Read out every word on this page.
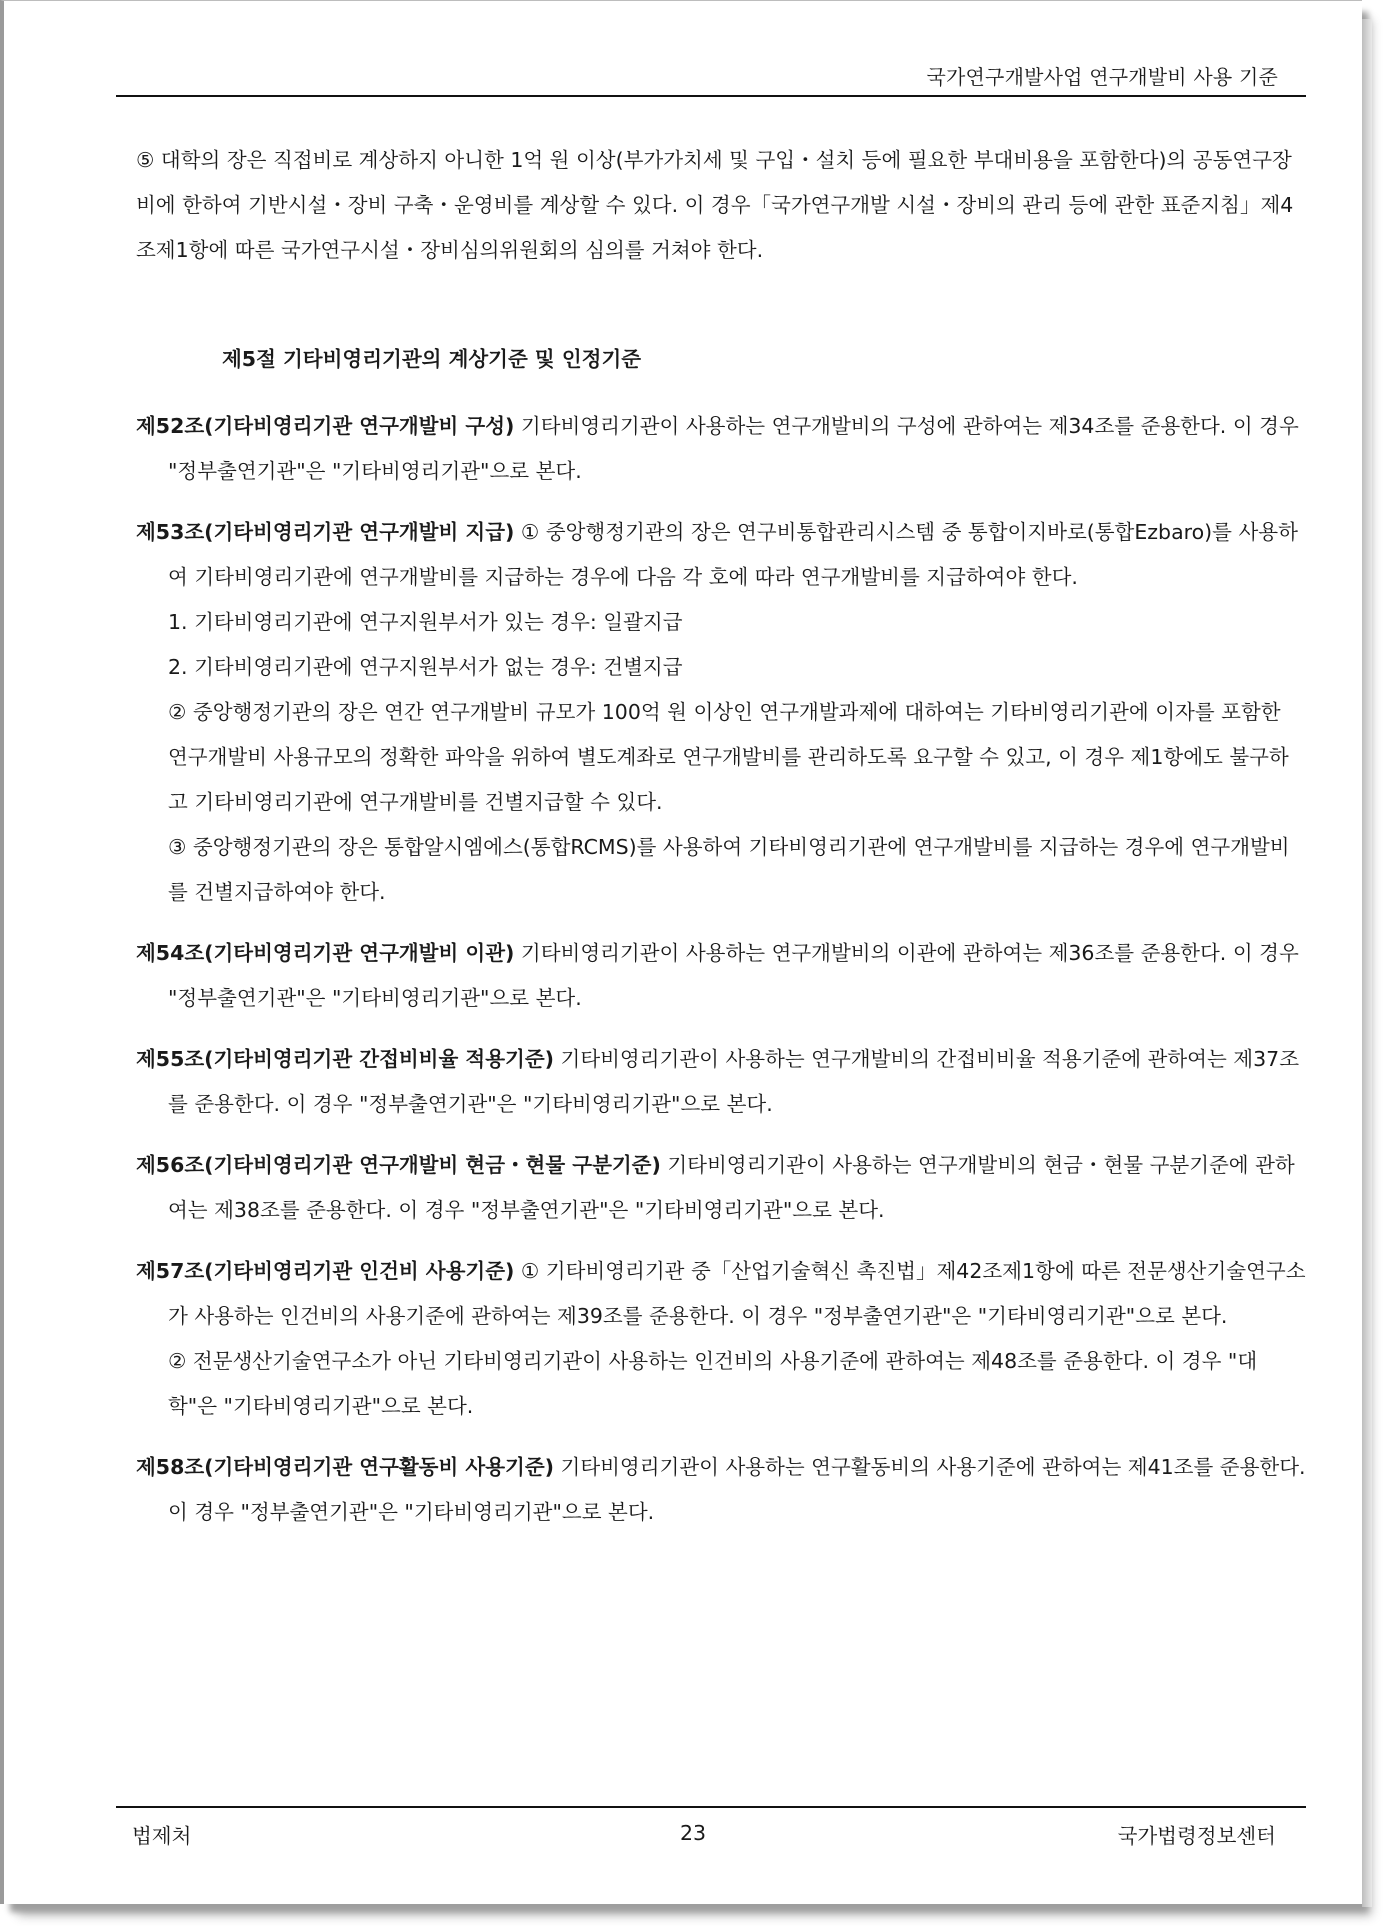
국가연구개발사업 연구개발비 사용 기준

⑤ 대학의 장은 직접비로 계상하지 아니한 1억 원 이상(부가가치세 및 구입・설치 등에 필요한 부대비용을 포함한다)의 공동연구장비에 한하여 기반시설・장비 구축・운영비를 계상할 수 있다. 이 경우「국가연구개발 시설・장비의 관리 등에 관한 표준지침」제4조제1항에 따른 국가연구시설・장비심의위원회의 심의를 거쳐야 한다.

제5절 기타비영리기관의 계상기준 및 인정기준

제52조(기타비영리기관 연구개발비 구성) 기타비영리기관이 사용하는 연구개발비의 구성에 관하여는 제34조를 준용한다. 이 경우 "정부출연기관"은 "기타비영리기관"으로 본다.
제53조(기타비영리기관 연구개발비 지급) ① 중앙행정기관의 장은 연구비통합관리시스템 중 통합이지바로(통합Ezbaro)를 사용하여 기타비영리기관에 연구개발비를 지급하는 경우에 다음 각 호에 따라 연구개발비를 지급하여야 한다.
1. 기타비영리기관에 연구지원부서가 있는 경우: 일괄지급
2. 기타비영리기관에 연구지원부서가 없는 경우: 건별지급
② 중앙행정기관의 장은 연간 연구개발비 규모가 100억 원 이상인 연구개발과제에 대하여는 기타비영리기관에 이자를 포함한 연구개발비 사용규모의 정확한 파악을 위하여 별도계좌로 연구개발비를 관리하도록 요구할 수 있고, 이 경우 제1항에도 불구하고 기타비영리기관에 연구개발비를 건별지급할 수 있다.
③ 중앙행정기관의 장은 통합알시엠에스(통합RCMS)를 사용하여 기타비영리기관에 연구개발비를 지급하는 경우에 연구개발비를 건별지급하여야 한다.
제54조(기타비영리기관 연구개발비 이관) 기타비영리기관이 사용하는 연구개발비의 이관에 관하여는 제36조를 준용한다. 이 경우 "정부출연기관"은 "기타비영리기관"으로 본다.
제55조(기타비영리기관 간접비비율 적용기준) 기타비영리기관이 사용하는 연구개발비의 간접비비율 적용기준에 관하여는 제37조를 준용한다. 이 경우 "정부출연기관"은 "기타비영리기관"으로 본다.
제56조(기타비영리기관 연구개발비 현금・현물 구분기준) 기타비영리기관이 사용하는 연구개발비의 현금・현물 구분기준에 관하여는 제38조를 준용한다. 이 경우 "정부출연기관"은 "기타비영리기관"으로 본다.
제57조(기타비영리기관 인건비 사용기준) ① 기타비영리기관 중「산업기술혁신 촉진법」제42조제1항에 따른 전문생산기술연구소가 사용하는 인건비의 사용기준에 관하여는 제39조를 준용한다. 이 경우 "정부출연기관"은 "기타비영리기관"으로 본다.
② 전문생산기술연구소가 아닌 기타비영리기관이 사용하는 인건비의 사용기준에 관하여는 제48조를 준용한다. 이 경우 "대학"은 "기타비영리기관"으로 본다.
제58조(기타비영리기관 연구활동비 사용기준) 기타비영리기관이 사용하는 연구활동비의 사용기준에 관하여는 제41조를 준용한다. 이 경우 "정부출연기관"은 "기타비영리기관"으로 본다.
법제처	23	국가법령정보센터
